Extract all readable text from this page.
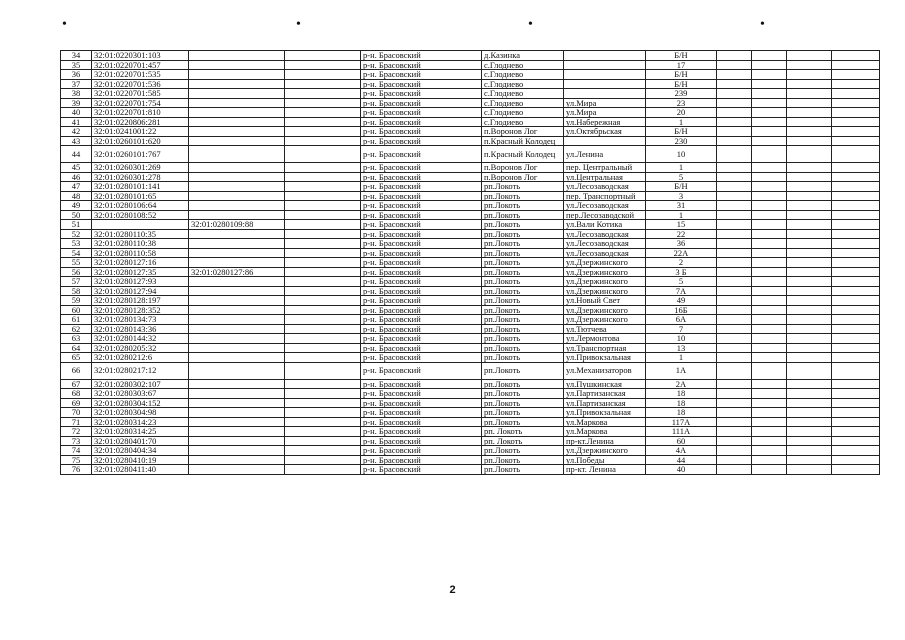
•	•	•	•
34	32:01:0220301:103			р-н. Брасовский	д.Казинка		Б/Н				
35	32:01:0220701:457			р-н. Брасовский	с.Глоднево		17				
36	32:01:0220701:535			р-н. Брасовский	с.Глодиево		Б/Н				
37	32:01:0220701:536			р-н. Брасовский	с.Глодиево		Б/Н				
38	32:01:0220701:585			р-н. Брасовский	с.Глодиево		239				
39	32:01:0220701:754			р-н. Брасовский	с.Глодиево	ул.Мира	23				
40	32:01:0220701:810			р-н. Брасовский	с.Глодиево	ул.Мира	20				
41	32:01:0220806:281			р-н. Брасовский	с.Глодиево	ул.Набережная	1				
42	32:01:0241001:22			р-н. Брасовский	п.Воронов Лог	ул.Октябрьская	Б/Н				
43	32:01:0260101:620			р-н. Брасовский	п.Красный Колодец		230				
44	32:01:0260101:767			р-н. Брасовский	п.Красный Колодец	ул.Ленина	10				
45	32:01:0260301:269			р-н. Брасовский	п.Воронов Лог	пер. Центральный	1				
46	32:01:0260301:278			р-н. Брасовский	п.Воронов Лог	ул.Центральная	5				
47	32:01:0280101:141			р-н. Брасовский	рп.Локоть	ул.Лесозаводская	Б/Н				
48	32:01:0280101:65			р-н. Брасовский	рп.Локоть	пер. Транспортный	3				
49	32:01:0280106:64			р-н. Брасовский	рп.Локоть	ул.Лесозаводская	31				
50	32:01:0280108:52			р-н. Брасовский	рп.Локоть	пер.Лесозаводской	1				
51		32:01:0280109:88		р-н. Брасовский	рп.Локоть	ул.Вали Котика	15				
52	32:01:0280110:35			р-н. Брасовский	рп.Локоть	ул.Лесозаводская	22				
53	32:01:0280110:38			р-н. Брасовский	рп.Локоть	ул.Лесозаводская	36				
54	32:01:0280110:58			р-н. Брасовский	рп.Локоть	ул.Лесозаводская	22А				
55	32:01:0280127:16			р-н. Брасовский	рп.Локоть	ул.Дзержинского	2				
56	32:01:0280127:35	32:01:0280127:86		р-н. Брасовский	рп.Локоть	ул.Дзержинского	3 Б				
57	32:01:0280127:93			р-н. Брасовский	рп.Локоть	ул.Дзержинского	5				
58	32:01:0280127:94			р-н. Брасовский	рп.Локоть	ул.Дзержинского	7А				
59	32:01:0280128:197			р-н. Брасовский	рп.Локоть	ул.Новый Свет	49				
60	32:01:0280128:352			р-н. Брасовский	рп.Локоть	ул.Дзержинского	16Б				
61	32:01:0280134:73			р-н. Брасовский	рп.Локоть	ул.Дзержинского	6А				
62	32:01:0280143:36			р-н. Брасовский	рп.Локоть	ул.Тютчева	7				
63	32:01:0280144:32			р-н. Брасовский	рп.Локоть	ул.Лермонтова	10				
64	32:01:0280205:32			р-н. Брасовский	рп.Локоть	ул.Транспортная	13				
65	32:01:0280212:6			р-н. Брасовский	рп.Локоть	ул.Привокзальная	1				
66	32:01:0280217:12			р-н. Брасовский	рп.Локоть	ул.Механизаторов	1А				
67	32:01:0280302:107			р-н. Брасовский	рп.Локоть	ул.Пушкинская	2А				
68	32:01:0280303:67			р-н. Брасовский	рп.Локоть	ул.Партизанская	18				
69	32:01:0280304:152			р-н. Брасовский	рп.Локоть	ул.Партизанская	18				
70	32:01:0280304:98			р-н. Брасовский	рп.Локоть	ул.Привокзальная	18				
71	32:01:0280314:23			р-н. Брасовский	рп.Локоть	ул.Маркова	117А				
72	32:01:0280314:25			р-н. Брасовский	рп. Локоть	ул.Маркова	111А				
73	32:01:0280401:70			р-н. Брасовский	рп. Локоть	пр-кт.Ленина	60				
74	32:01:0280404:34			р-н. Брасовский	рп.Локоть	ул.Дзержинского	4А				
75	32:01:0280410:19			р-н. Брасовский	рп.Локоть	ул.Победы	44				
76	32:01:0280411:40			р-н. Брасовский	рп.Локоть	пр-кт. Ленина	40				
2
